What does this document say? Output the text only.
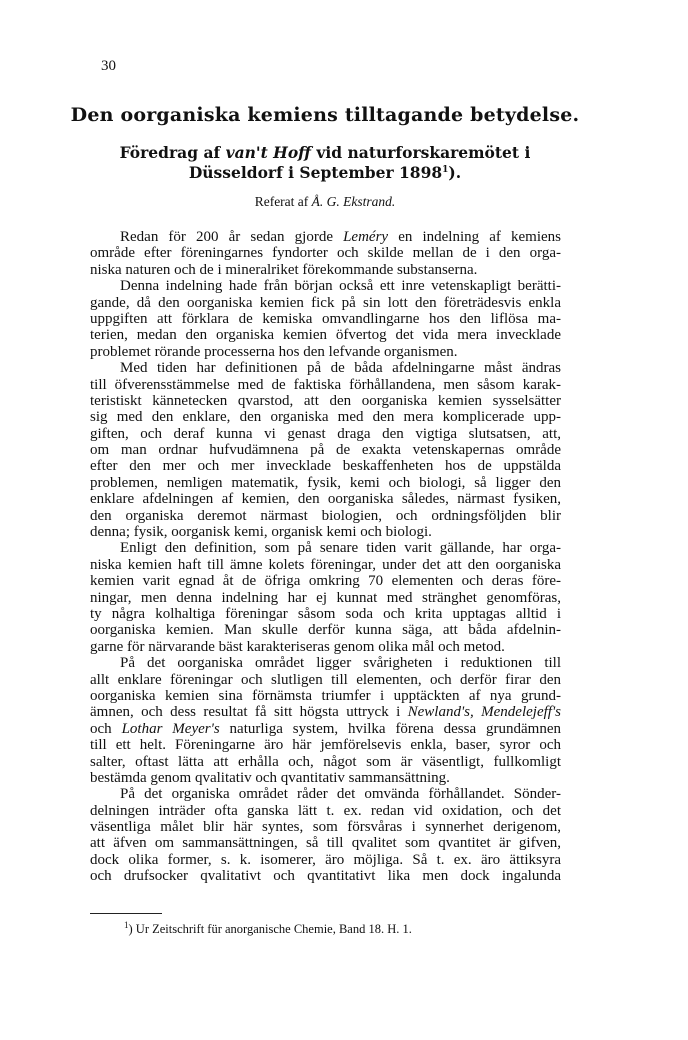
30
Den oorganiska kemiens tilltagande betydelse.
Föredrag af van't Hoff vid naturforskaremötet i
Düsseldorf i September 1898$^1$).
Referat af Å. G. Ekstrand.
Redan för 200 år sedan gjorde Leméry en indelning af kemiens
område efter föreningarnes fyndorter och skilde mellan de i den orga-
niska naturen och de i mineralriket förekommande substanserna.
Denna indelning hade från början också ett inre vetenskapligt berätti-
gande, då den oorganiska kemien fick på sin lott den företrädesvis enkla
uppgiften att förklara de kemiska omvandlingarne hos den liflösa ma-
terien, medan den organiska kemien öfvertog det vida mera invecklade
problemet rörande processerna hos den lefvande organismen.
Med tiden har definitionen på de båda afdelningarne måst ändras
till öfverensstämmelse med de faktiska förhållandena, men såsom karak-
teristiskt kännetecken qvarstod, att den oorganiska kemien sysselsätter
sig med den enklare, den organiska med den mera komplicerade upp-
giften, och deraf kunna vi genast draga den vigtiga slutsatsen, att,
om man ordnar hufvudämnena på de exakta vetenskapernas område
efter den mer och mer invecklade beskaffenheten hos de uppstälda
problemen, nemligen matematik, fysik, kemi och biologi, så ligger den
enklare afdelningen af kemien, den oorganiska således, närmast fysiken,
den organiska deremot närmast biologien, och ordningsföljden blir
denna; fysik, oorganisk kemi, organisk kemi och biologi.
Enligt den definition, som på senare tiden varit gällande, har orga-
niska kemien haft till ämne kolets föreningar, under det att den oorganiska
kemien varit egnad åt de öfriga omkring 70 elementen och deras före-
ningar, men denna indelning har ej kunnat med stränghet genomföras,
ty några kolhaltiga föreningar såsom soda och krita upptagas alltid i
oorganiska kemien. Man skulle derför kunna säga, att båda afdelnin-
garne för närvarande bäst karakteriseras genom olika mål och metod.
På det oorganiska området ligger svårigheten i reduktionen till
allt enklare föreningar och slutligen till elementen, och derför firar den
oorganiska kemien sina förnämsta triumfer i upptäckten af nya grund-
ämnen, och dess resultat få sitt högsta uttryck i Newland's, Mendelejeff's
och Lothar Meyer's naturliga system, hvilka förena dessa grundämnen
till ett helt. Föreningarne äro här jemförelsevis enkla, baser, syror och
salter, oftast lätta att erhålla och, något som är väsentligt, fullkomligt
bestämda genom qvalitativ och qvantitativ sammansättning.
På det organiska området råder det omvända förhållandet. Sönder-
delningen inträder ofta ganska lätt t. ex. redan vid oxidation, och det
väsentliga målet blir här syntes, som försvåras i synnerhet derigenom,
att äfven om sammansättningen, så till qvalitet som qvantitet är gifven,
dock olika former, s. k. isomerer, äro möjliga. Så t. ex. äro ättiksyra
och drufsocker qvalitativt och qvantitativt lika men dock ingalunda
$^1$) Ur Zeitschrift für anorganische Chemie, Band 18. H. 1.
